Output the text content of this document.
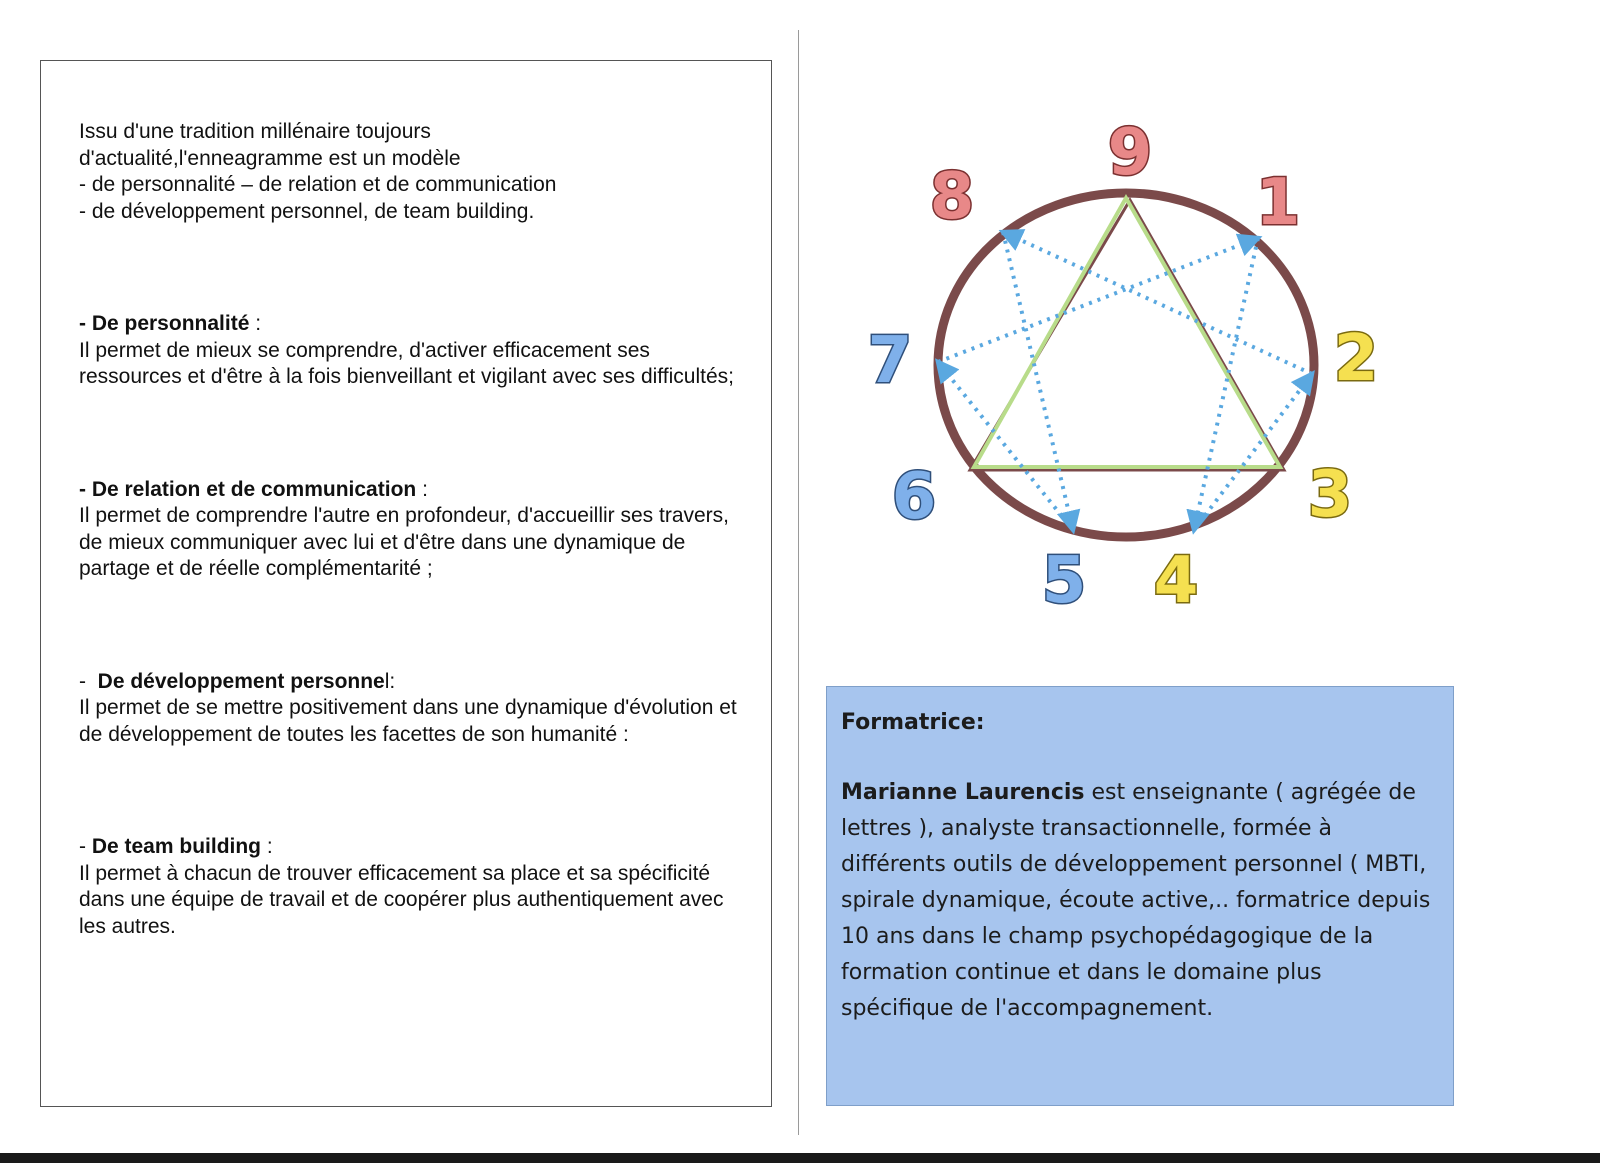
Issu d'une tradition millénaire toujours
d'actualité,l'enneagramme est un modèle
- de personnalité – de relation et de communication
- de développement personnel, de team building.

- De personnalité :
Il permet de mieux se comprendre, d'activer efficacement ses ressources et d'être à la fois bienveillant et vigilant avec ses difficultés;

- De relation et de communication :
Il permet de comprendre l'autre en profondeur, d'accueillir ses travers, de mieux communiquer avec lui et d'être dans une dynamique de partage et de réelle complémentarité ;

-  De développement personnel:
Il permet de se mettre positivement dans une dynamique d'évolution et de développement de toutes les facettes de son humanité :

- De team building :
Il permet à chacun de trouver efficacement sa place et sa spécificité dans une équipe de travail et de coopérer plus authentiquement avec les autres.

9
1
2
3
4
5
6
7
8

Formatrice:

Marianne Laurencis est enseignante ( agrégée de lettres ), analyste transactionnelle, formée à différents outils de développement personnel ( MBTI, spirale dynamique, écoute active,.. formatrice depuis 10 ans dans le champ psychopédagogique de la formation continue et dans le domaine plus spécifique de l'accompagnement.
